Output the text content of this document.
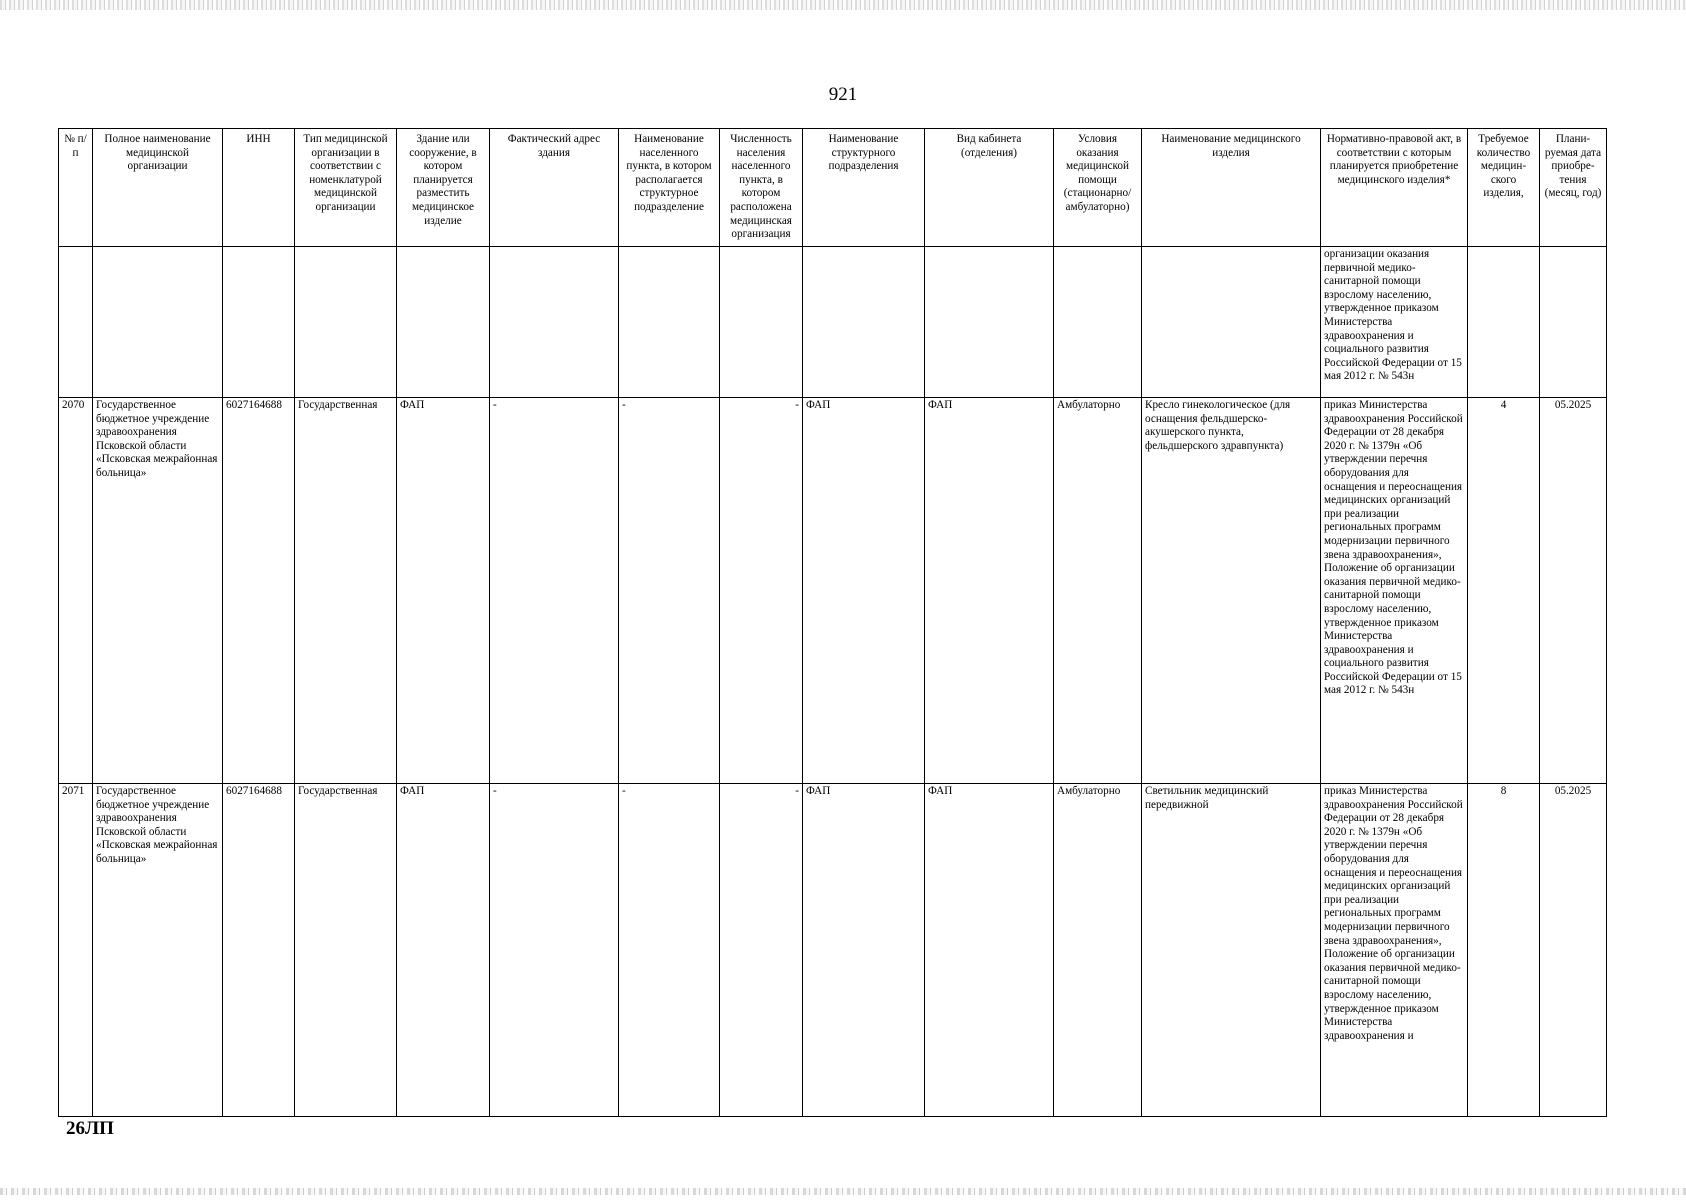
921
№ п/п	Полное наименование медицинской организации	ИНН	Тип медицинской организации в соответствии с номенклатурой медицинской организации	Здание или сооружение, в котором планируется разместить медицинское изделие	Фактический адрес здания	Наименование населенного пункта, в котором располагается структурное подразделение	Численность населения населенного пункта, в котором расположена медицинская организация	Наименование структурного подразделения	Вид кабинета (отделения)	Условия оказания медицинской помощи (стационарно/ амбулаторно)	Наименование медицинского изделия	Нормативно-правовой акт, в соответствии с которым планируется приобретение медицинского изделия*	Требуемое количество медицин-ского изделия,	Плани-руемая дата приобре-тения (месяц, год)
												организации оказания первичной медико-санитарной помощи взрослому населению, утвержденное приказом Министерства здравоохранения и социального развития Российской Федерации от 15 мая 2012 г. № 543н		
2070	Государственное бюджетное учреждение здравоохранения Псковской области «Псковская межрайонная больница»	6027164688	Государственная	ФАП	-	-	-	ФАП	ФАП	Амбулаторно	Кресло гинекологическое (для оснащения фельдшерско-акушерского пункта, фельдшерского здравпункта)	приказ Министерства здравоохранения Российской Федерации от 28 декабря 2020 г. № 1379н «Об утверждении перечня оборудования для оснащения и переоснащения медицинских организаций при реализации региональных программ модернизации первичного звена здравоохранения», Положение об организации оказания первичной медико-санитарной помощи взрослому населению, утвержденное приказом Министерства здравоохранения и социального развития Российской Федерации от 15 мая 2012 г. № 543н	4	05.2025
2071	Государственное бюджетное учреждение здравоохранения Псковской области «Псковская межрайонная больница»	6027164688	Государственная	ФАП	-	-	-	ФАП	ФАП	Амбулаторно	Светильник медицинский передвижной	приказ Министерства здравоохранения Российской Федерации от 28 декабря 2020 г. № 1379н «Об утверждении перечня оборудования для оснащения и переоснащения медицинских организаций при реализации региональных программ модернизации первичного звена здравоохранения», Положение об организации оказания первичной медико-санитарной помощи взрослому населению, утвержденное приказом Министерства здравоохранения и	8	05.2025
26ЛП
